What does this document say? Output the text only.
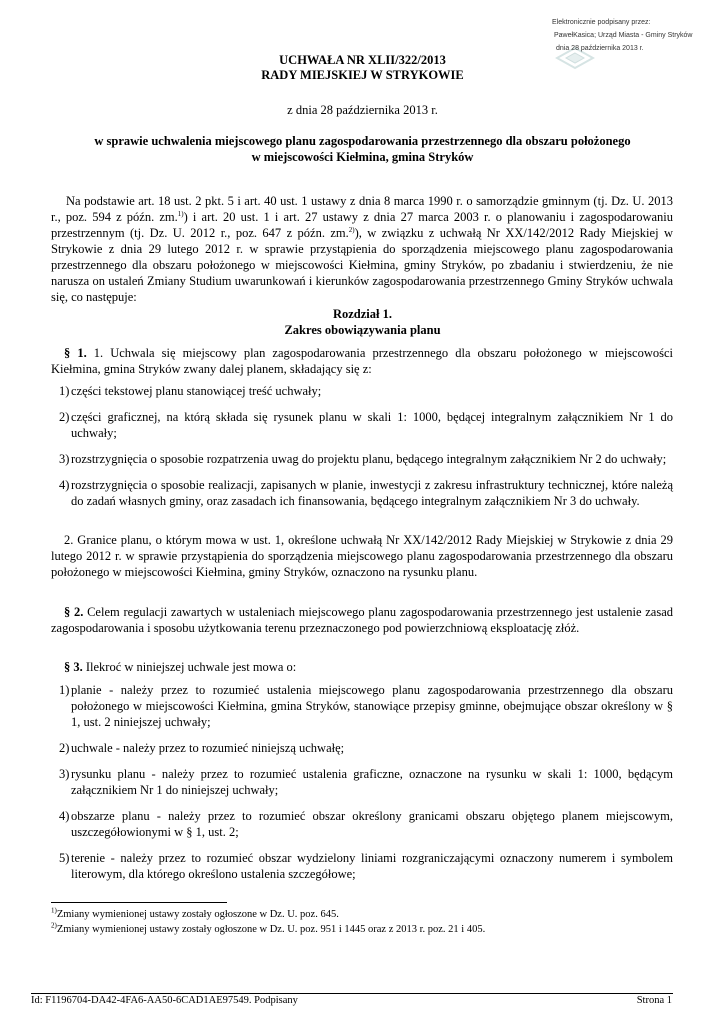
Elektronicznie podpisany przez:
PawełKasica; Urząd Miasta - Gminy Stryków
dnia 28 października 2013 r.
UCHWAŁA NR XLII/322/2013
RADY MIEJSKIEJ W STRYKOWIE
z dnia 28 października 2013 r.
w sprawie uchwalenia miejscowego planu zagospodarowania przestrzennego dla obszaru położonego
w miejscowości Kiełmina, gmina Stryków
Na podstawie art. 18 ust. 2 pkt. 5 i art. 40 ust. 1 ustawy z dnia 8 marca 1990 r. o samorządzie gminnym (tj. Dz. U. 2013 r., poz. 594 z późn. zm.$^{1)}$) i art. 20 ust. 1 i art. 27 ustawy z dnia 27 marca 2003 r. o planowaniu i zagospodarowaniu przestrzennym (tj. Dz. U. 2012 r., poz. 647 z późn. zm.$^{2)}$), w związku z uchwałą Nr XX/142/2012 Rady Miejskiej w Strykowie z dnia 29 lutego 2012 r. w sprawie przystąpienia do sporządzenia miejscowego planu zagospodarowania przestrzennego dla obszaru położonego w miejscowości Kiełmina, gminy Stryków, po zbadaniu i stwierdzeniu, że nie narusza on ustaleń Zmiany Studium uwarunkowań i kierunków zagospodarowania przestrzennego Gminy Stryków uchwala się, co następuje:
Rozdział 1.
Zakres obowiązywania planu
§ 1. 1. Uchwala się miejscowy plan zagospodarowania przestrzennego dla obszaru położonego w miejscowości Kiełmina, gmina Stryków zwany dalej planem, składający się z:
1) części tekstowej planu stanowiącej treść uchwały;
2) części graficznej, na którą składa się rysunek planu w skali 1: 1000, będącej integralnym załącznikiem Nr 1 do uchwały;
3) rozstrzygnięcia o sposobie rozpatrzenia uwag do projektu planu, będącego integralnym załącznikiem Nr 2 do uchwały;
4) rozstrzygnięcia o sposobie realizacji, zapisanych w planie, inwestycji z zakresu infrastruktury technicznej, które należą do zadań własnych gminy, oraz zasadach ich finansowania, będącego integralnym załącznikiem Nr 3 do uchwały.
2. Granice planu, o którym mowa w ust. 1, określone uchwałą Nr XX/142/2012 Rady Miejskiej w Strykowie z dnia 29 lutego 2012 r. w sprawie przystąpienia do sporządzenia miejscowego planu zagospodarowania przestrzennego dla obszaru położonego w miejscowości Kiełmina, gminy Stryków, oznaczono na rysunku planu.
§ 2. Celem regulacji zawartych w ustaleniach miejscowego planu zagospodarowania przestrzennego jest ustalenie zasad zagospodarowania i sposobu użytkowania terenu przeznaczonego pod powierzchniową eksploatację złóż.
§ 3. Ilekroć w niniejszej uchwale jest mowa o:
1) planie - należy przez to rozumieć ustalenia miejscowego planu zagospodarowania przestrzennego dla obszaru położonego w miejscowości Kiełmina, gmina Stryków, stanowiące przepisy gminne, obejmujące obszar określony w § 1, ust. 2 niniejszej uchwały;
2) uchwale - należy przez to rozumieć niniejszą uchwałę;
3) rysunku planu - należy przez to rozumieć ustalenia graficzne, oznaczone na rysunku w skali 1: 1000, będącym załącznikiem Nr 1 do niniejszej uchwały;
4) obszarze planu - należy przez to rozumieć obszar określony granicami obszaru objętego planem miejscowym, uszczegółowionymi w § 1, ust. 2;
5) terenie - należy przez to rozumieć obszar wydzielony liniami rozgraniczającymi oznaczony numerem i symbolem literowym, dla którego określono ustalenia szczegółowe;
$^{1)}$Zmiany wymienionej ustawy zostały ogłoszone w Dz. U. poz. 645.
$^{2)}$Zmiany wymienionej ustawy zostały ogłoszone w Dz. U. poz. 951 i 1445 oraz z 2013 r. poz. 21 i 405.
Id: F1196704-DA42-4FA6-AA50-6CAD1AE97549. Podpisany	Strona 1
